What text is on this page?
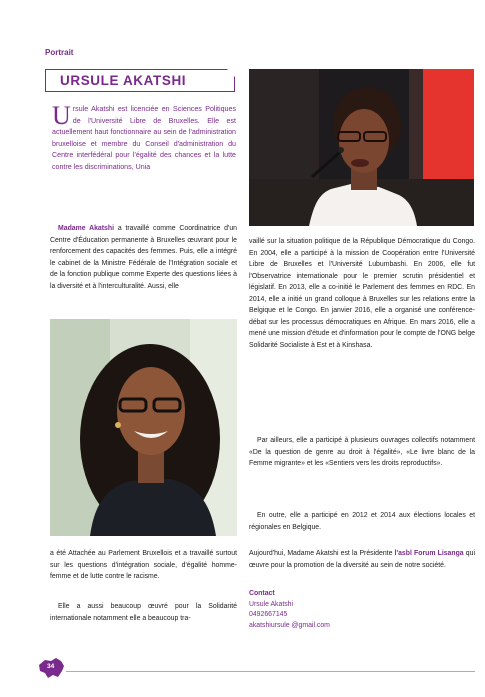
Portrait
URSULE AKATSHI
Ursule Akatshi est licenciée en Sciences Politiques de l'Université Libre de Bruxelles. Elle est actuellement haut fonctionnaire au sein de l'administration bruxelloise et membre du Conseil d'administration du Centre interfédéral pour l'égalité des chances et la lutte contre les discriminations, Unia
Madame Akatshi a travaillé comme Coordinatrice d'un Centre d'Éducation permanente à Bruxelles œuvrant pour le renforcement des capacités des femmes. Puis, elle a intégré le cabinet de la Ministre Fédérale de l'Intégration sociale et de la fonction publique comme Experte des questions liées à la diversité et à l'interculturalité. Aussi, elle
a été Attachée au Parlement Bruxellois et a travaillé surtout sur les questions d'intégration sociale, d'égalité homme-femme et de lutte contre le racisme.
Elle a aussi beaucoup œuvré pour la Solidarité internationale notamment elle a beaucoup tra-
vaillé sur la situation politique de la République Démocratique du Congo. En 2004, elle a participé à la mission de Coopération entre l'Université Libre de Bruxelles et l'Université Lubumbashi. En 2006, elle fut l'Observatrice internationale pour le premier scrutin présidentiel et législatif. En 2013, elle a co-initié le Parlement des femmes en RDC. En 2014, elle a initié un grand colloque à Bruxelles sur les relations entre la Belgique et le Congo. En janvier 2016, elle a organisé une conférence-débat sur les processus démocratiques en Afrique. En mars 2016, elle a mené une mission d'étude et d'information pour le compte de l'ONG belge Solidarité Socialiste à Est et à Kinshasa.
Par ailleurs, elle a participé à plusieurs ouvrages collectifs notamment «De la question de genre au droit à l'égalité», «Le livre blanc de la Femme migrante» et les «Sentiers vers les droits reproductifs».
En outre, elle a participé en 2012 et 2014 aux élections locales et régionales en Belgique.
Aujourd'hui, Madame Akatshi est la Présidente l'asbl Forum Lisanga qui œuvre pour la promotion de la diversité au sein de notre société.
Contact
Ursule Akatshi
0492667145
akatshiursule @gmail.com
34
